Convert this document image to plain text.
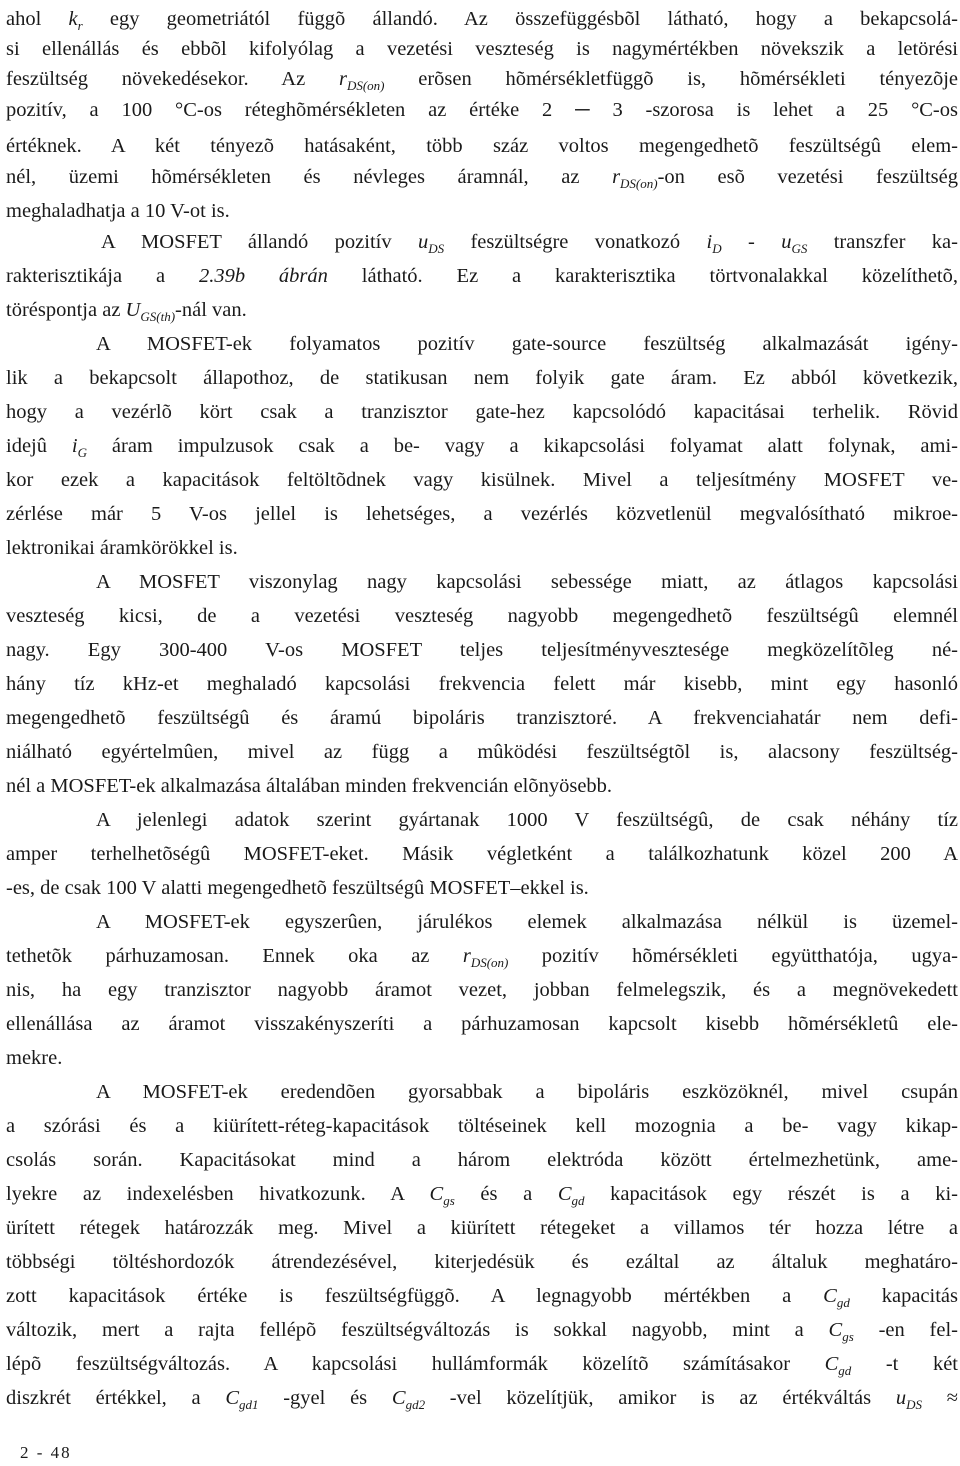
ahol $k_r$ egy geometriától függõ állandó. Az összefüggésbõl látható, hogy a bekapcsolá-
si ellenállás és ebbõl kifolyólag a vezetési veszteség is nagymértékben növekszik a letörési
feszültség növekedésekor. Az $r_{DS(on)}$ erõsen hõmérsékletfüggõ is, hõmérsékleti tényezõje
pozitív, a 100 °C-os réteghõmérsékleten az értéke 2 ─ 3 -szorosa is lehet a 25 °C-os
értéknek. A két tényezõ hatásaként, több száz voltos megengedhetõ feszültségû elem-
nél, üzemi hõmérsékleten és névleges áramnál, az $r_{DS(on)}-on$ esõ vezetési feszültség
meghaladhatja a 10 V-ot is.
A MOSFET állandó pozitív $u_{DS}$ feszültségre vonatkozó $i_D - u_{GS}$ transzfer ka-
rakterisztikája a 2.39b ábrán látható. Ez a karakterisztika törtvonalakkal közelíthetõ,
töréspontja az $U_{GS(th)}$-nál van.
A MOSFET-ek folyamatos pozitív gate-source feszültség alkalmazását igény-
lik a bekapcsolt állapothoz, de statikusan nem folyik gate áram. Ez abból következik,
hogy a vezérlõ kört csak a tranzisztor gate-hez kapcsolódó kapacitásai terhelik. Rövid
idejû $i_G$ áram impulzusok csak a be- vagy a kikapcsolási folyamat alatt folynak, ami-
kor ezek a kapacitások feltöltõdnek vagy kisülnek. Mivel a teljesítmény MOSFET ve-
zérlése már 5 V-os jellel is lehetséges, a vezérlés közvetlenül megvalósítható mikroe-
lektronikai áramkörökkel is.
A MOSFET viszonylag nagy kapcsolási sebessége miatt, az átlagos kapcsolási
veszteség kicsi, de a vezetési veszteség nagyobb megengedhetõ feszültségû elemnél
nagy. Egy 300-400 V-os MOSFET teljes teljesítményvesztesége megközelítõleg né-
hány tíz kHz-et meghaladó kapcsolási frekvencia felett már kisebb, mint egy hasonló
megengedhetõ feszültségû és áramú bipoláris tranzisztoré. A frekvenciahatár nem defi-
niálható egyértelmûen, mivel az függ a mûködési feszültségtõl is, alacsony feszültség-
nél a MOSFET-ek alkalmazása általában minden frekvencián elõnyösebb.
A jelenlegi adatok szerint gyártanak 1000 V feszültségû, de csak néhány tíz
amper terhelhetõségû MOSFET-eket. Másik végletként a találkozhatunk közel 200 A
-es, de csak 100 V alatti megengedhetõ feszültségû MOSFET–ekkel is.
A MOSFET-ek egyszerûen, járulékos elemek alkalmazása nélkül is üzemel-
tethetõk párhuzamosan. Ennek oka az $r_{DS(on)}$ pozitív hõmérsékleti együtthatója, ugya-
nis, ha egy tranzisztor nagyobb áramot vezet, jobban felmelegszik, és a megnövekedett
ellenállása az áramot visszakényszeríti a párhuzamosan kapcsolt kisebb hõmérsékletû ele-
mekre.
A MOSFET-ek eredendõen gyorsabbak a bipoláris eszközöknél, mivel csupán
a szórási és a kiürített-réteg-kapacitások töltéseinek kell mozognia a be- vagy kikap-
csolás során. Kapacitásokat mind a három elektróda között értelmezhetünk, ame-
lyekre az indexelésben hivatkozunk. A $C_{gs}$ és a $C_{gd}$ kapacitások egy részét is a ki-
ürített rétegek határozzák meg. Mivel a kiürített rétegeket a villamos tér hozza létre a
többségi töltéshordozók átrendezésével, kiterjedésük és ezáltal az általuk meghatáro-
zott kapacitások értéke is feszültségfüggõ. A legnagyobb mértékben a $C_{gd}$ kapacitás
változik, mert a rajta fellépõ feszültségváltozás is sokkal nagyobb, mint a $C_{gs}$ -en fel-
lépõ feszültségváltozás. A kapcsolási hullámformák közelítõ számításakor $C_{gd}$ -t két
diszkrét értékkel, a $C_{gd1}$ -gyel és $C_{gd2}$ -vel közelítjük, amikor is az értékváltás $u_{DS}$ ≈
2 - 48
